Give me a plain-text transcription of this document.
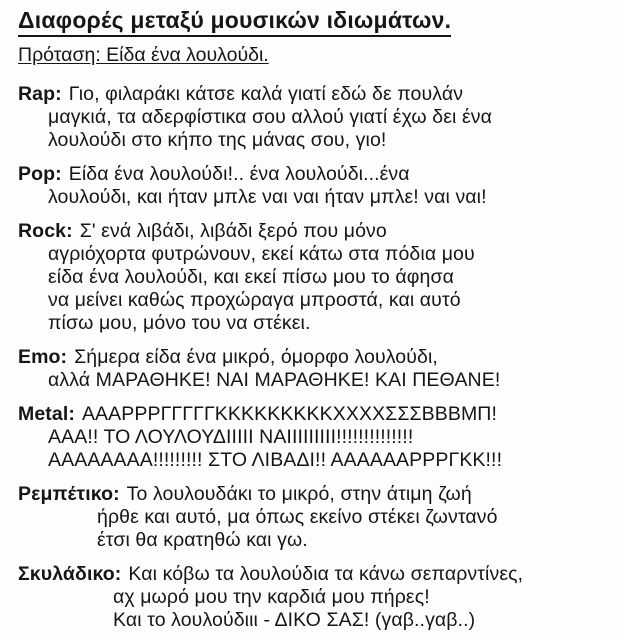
Διαφορές μεταξύ μουσικών ιδιωμάτων.
Πρόταση: Είδα ένα λουλούδι.
Rap: Γιο, φιλαράκι κάτσε καλά γιατί εδώ δε πουλάν
μαγκιά, τα αδερφίστικα σου αλλού γιατί έχω δει ένα
λουλούδι στο κήπο της μάνας σου, γιο!
Pop: Είδα ένα λουλούδι!.. ένα λουλούδι...ένα
λουλούδι, και ήταν μπλε ναι ναι ήταν μπλε! ναι ναι!
Rock: Σ' ενά λιβάδι, λιβάδι ξερό που μόνο
αγριόχορτα φυτρώνουν, εκεί κάτω στα πόδια μου
είδα ένα λουλούδι, και εκεί πίσω μου το άφησα
να μείνει καθώς προχώραγα μπροστά, και αυτό
πίσω μου, μόνο του να στέκει.
Emo: Σήμερα είδα ένα μικρό, όμορφο λουλούδι,
αλλά ΜΑΡΑΘΗΚΕ! ΝΑΙ ΜΑΡΑΘΗΚΕ! ΚΑΙ ΠΕΘΑΝΕ!
Metal: ΑΑΑΡΡΡΓΓΓΓΓΚΚΚΚΚΚΚΚΚΧΧΧΧΣΣΣΒΒΒΜΠ!
ΑΑΑ!! ΤΟ ΛΟΥΛΟΥΔΙΙΙΙΙ ΝΑΙΙΙΙΙΙΙΙΙ!!!!!!!!!!!!!!
ΑΑΑΑΑΑΑΑ!!!!!!!!! ΣΤΟ ΛΙΒΑΔΙ!! ΑΑΑΑΑΑΡΡΡΓΚΚ!!!
Ρεμπέτικο: Το λουλουδάκι το μικρό, στην άτιμη ζωή
ήρθε και αυτό, μα όπως εκείνο στέκει ζωντανό
έτσι θα κρατηθώ και γω.
Σκυλάδικο: Και κόβω τα λουλούδια τα κάνω σεπαρντίνες,
αχ μωρό μου την καρδιά μου πήρες!
Και το λουλούδιιι - ΔΙΚΟ ΣΑΣ! (γαβ..γαβ..)
